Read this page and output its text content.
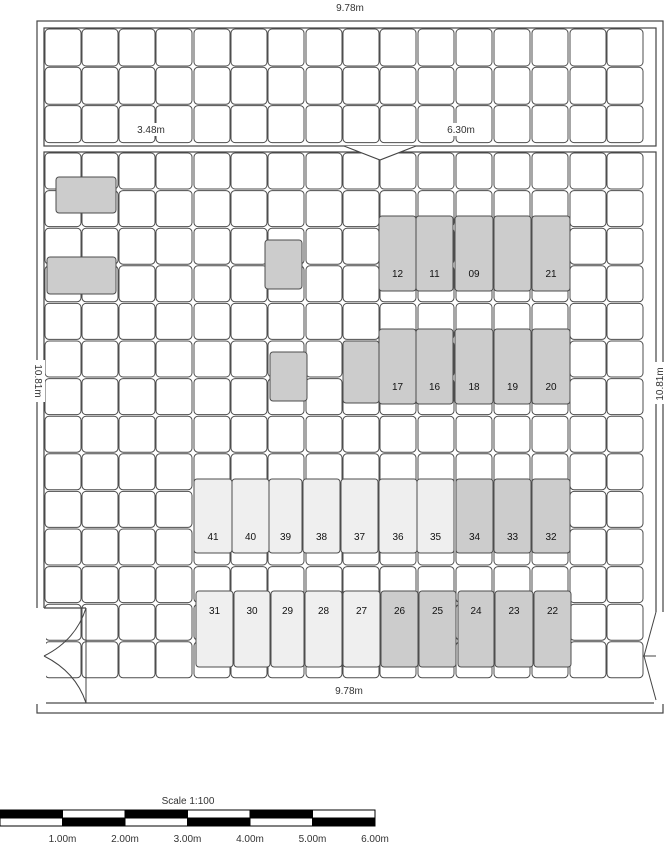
12	11	09	21
17	16	18	19	20
41	40 39 38	37	36	35	34	33	32
31	30 29 28	27	26	25	24	23	22
9.78m
3.48m	6.30m
9.78m
10.81m	10.81m
Scale 1:100
1.00m	2.00m	3.00m	4.00m	5.00m	6.00m
